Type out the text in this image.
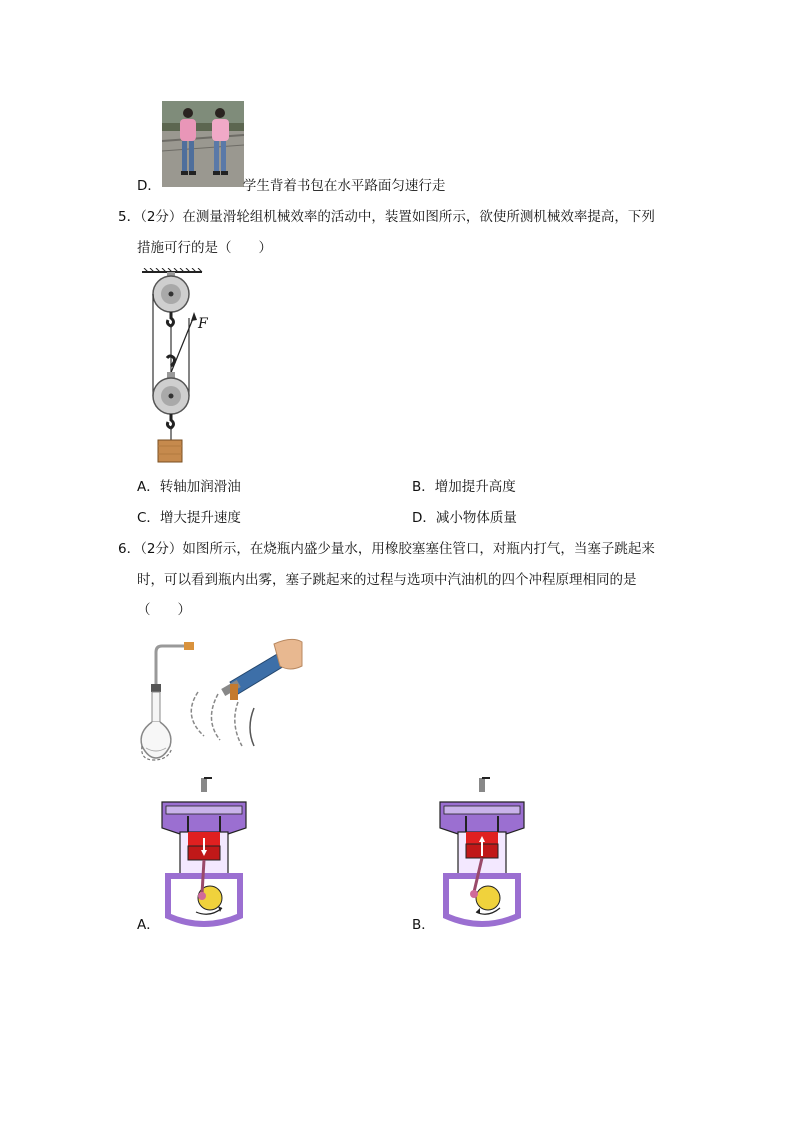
D．	学生背着书包在水平路面匀速行走
5．（2分）在测量滑轮组机械效率的活动中，装置如图所示，欲使所测机械效率提高，下列
措施可行的是（　　）
F
A．转轴加润滑油	B．增加提升高度
C．增大提升速度	D．减小物体质量
6．（2分）如图所示，在烧瓶内盛少量水，用橡胶塞塞住管口，对瓶内打气，当塞子跳起来
时，可以看到瓶内出雾，塞子跳起来的过程与选项中汽油机的四个冲程原理相同的是
（　　）
A．	B．
